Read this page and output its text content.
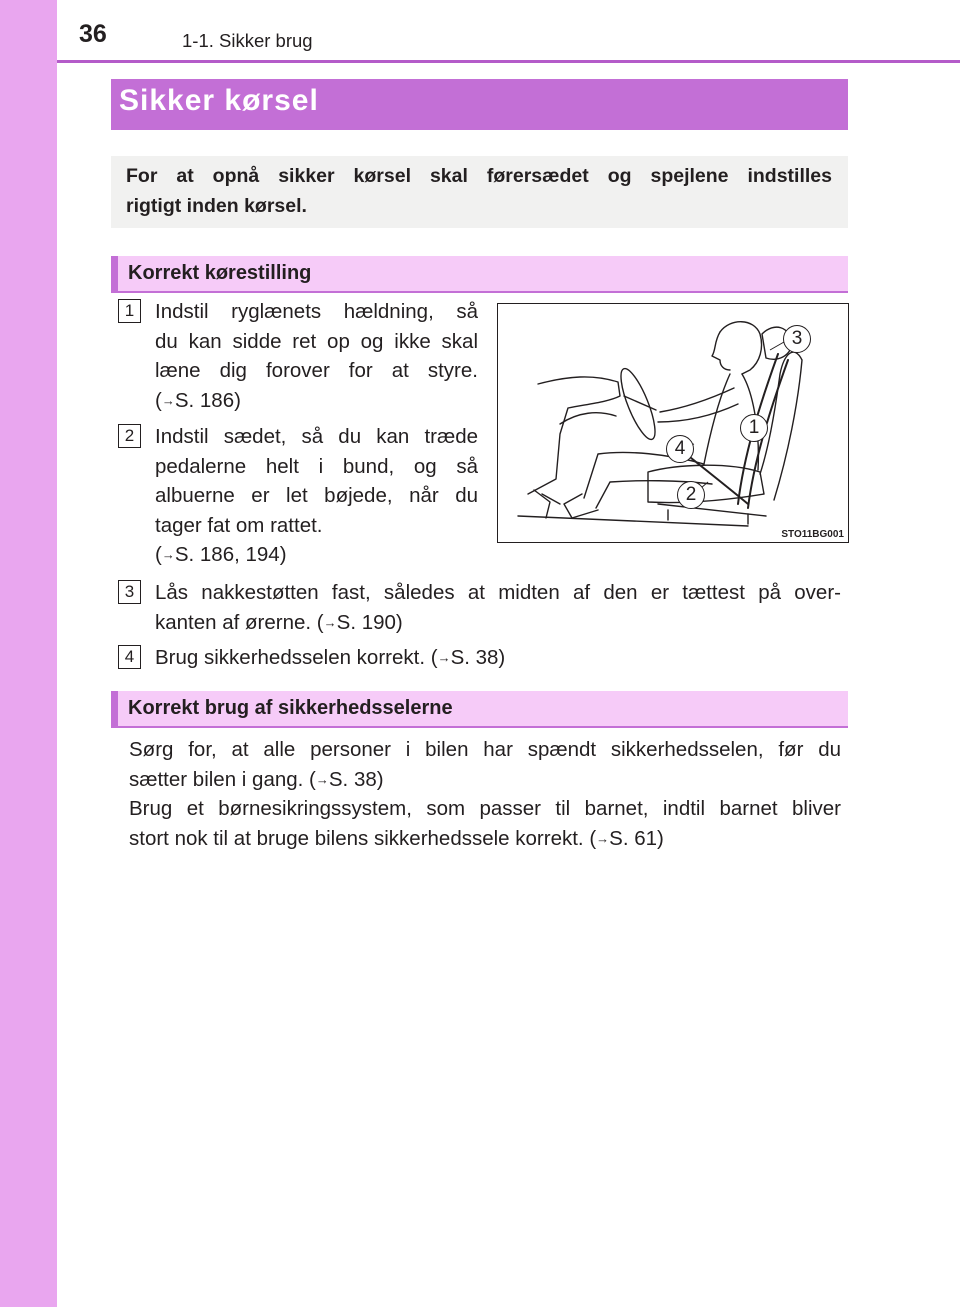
36	1-1. Sikker brug
Sikker kørsel
For at opnå sikker kørsel skal førersædet og spejlene indstilles
rigtigt inden kørsel.
Korrekt kørestilling
1	Indstil ryglænets hældning, så
du kan sidde ret op og ikke skal
læne dig forover for at styre.
(→S. 186)
2	Indstil sædet, så du kan træde
pedalerne helt i bund, og så
albuerne er let bøjede, når du
tager fat om rattet.
(→S. 186, 194)
3
1
4
2
STO11BG001
3	Lås nakkestøtten fast, således at midten af den er tættest på over-
kanten af ørerne. (→S. 190)
4	Brug sikkerhedsselen korrekt. (→S. 38)
Korrekt brug af sikkerhedsselerne
Sørg for, at alle personer i bilen har spændt sikkerhedsselen, før du
sætter bilen i gang. (→S. 38)
Brug et børnesikringssystem, som passer til barnet, indtil barnet bliver
stort nok til at bruge bilens sikkerhedssele korrekt. (→S. 61)
